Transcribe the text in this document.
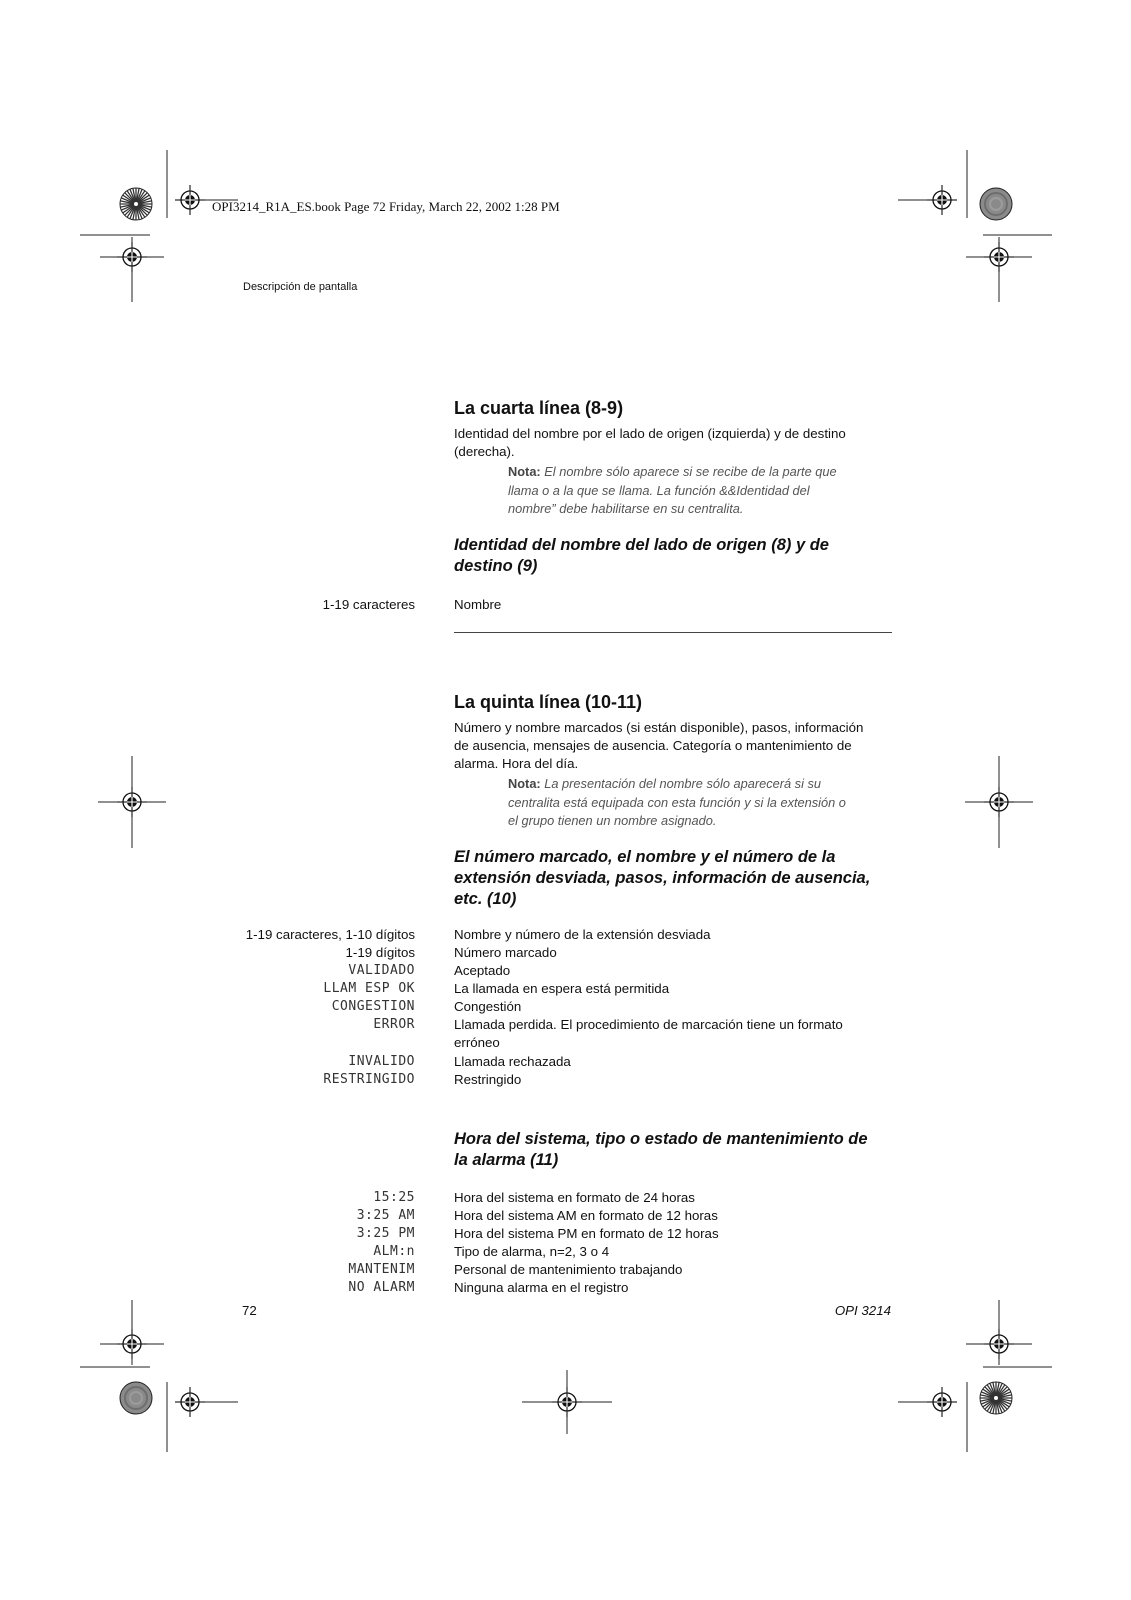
OPI3214_R1A_ES.book Page 72 Friday, March 22, 2002 1:28 PM
Descripción de pantalla
La cuarta línea (8-9)

Identidad del nombre por el lado de origen (izquierda) y de destino
(derecha).

Nota: El nombre sólo aparece si se recibe de la parte que
llama o a la que se llama. La función &&Identidad del
nombre” debe habilitarse en su centralita.

Identidad del nombre del lado de origen (8) y de
destino (9)
1-19 caracteres	Nombre
La quinta línea (10-11)

Número y nombre marcados (si están disponible), pasos, información
de ausencia, mensajes de ausencia. Categoría o mantenimiento de
alarma. Hora del día.

Nota: La presentación del nombre sólo aparecerá si su
centralita está equipada con esta función y si la extensión o
el grupo tienen un nombre asignado.

El número marcado, el nombre y el número de la
extensión desviada, pasos, información de ausencia,
etc. (10)
1-19 caracteres, 1-10 dígitos	Nombre y número de la extensión desviada
1-19 dígitos	Número marcado
VALIDADO	Aceptado
LLAM ESP OK	La llamada en espera está permitida
CONGESTION	Congestión
ERROR	Llamada perdida. El procedimiento de marcación tiene un formato
erróneo
INVALIDO	Llamada rechazada
RESTRINGIDO	Restringido
Hora del sistema, tipo o estado de mantenimiento de
la alarma (11)
15:25	Hora del sistema en formato de 24 horas
3:25 AM	Hora del sistema AM en formato de 12 horas
3:25 PM	Hora del sistema PM en formato de 12 horas
ALM:n	Tipo de alarma, n=2, 3 o 4
MANTENIM	Personal de mantenimiento trabajando
NO ALARM	Ninguna alarma en el registro
72	OPI 3214
